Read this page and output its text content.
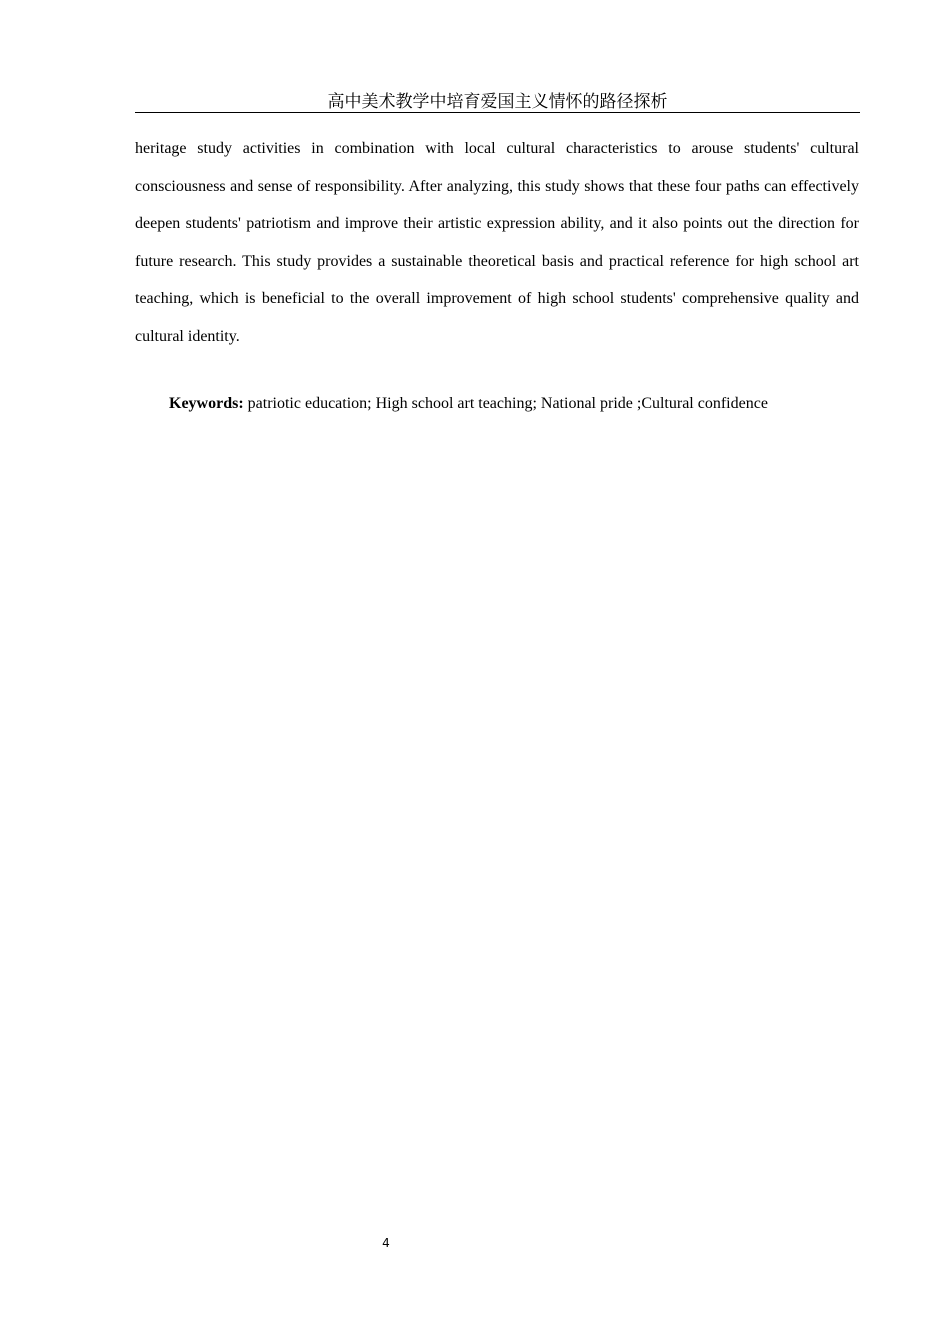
高中美术教学中培育爱国主义情怀的路径探析

heritage study activities in combination with local cultural characteristics to arouse students' cultural consciousness and sense of responsibility. After analyzing, this study shows that these four paths can effectively deepen students' patriotism and improve their artistic expression ability, and it also points out the direction for future research. This study provides a sustainable theoretical basis and practical reference for high school art teaching, which is beneficial to the overall improvement of high school students' comprehensive quality and cultural identity.

Keywords: patriotic education; High school art teaching; National pride ;Cultural confidence

4
